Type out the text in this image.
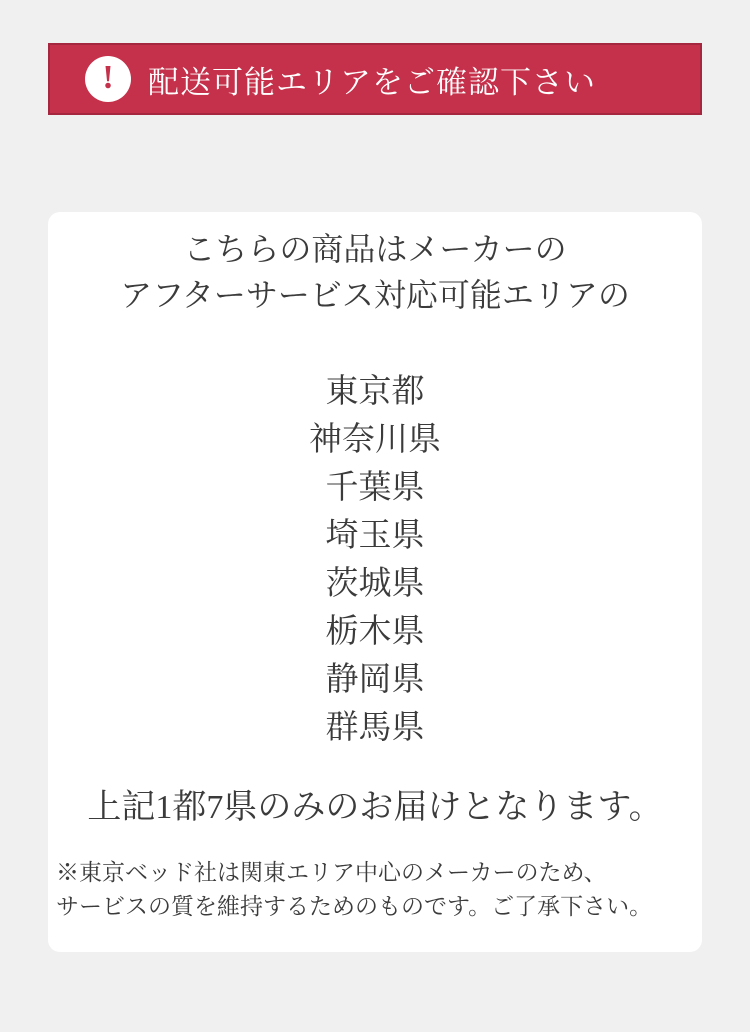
! 配送可能エリアをご確認下さい
こちらの商品はメーカーの
アフターサービス対応可能エリアの
東京都
神奈川県
千葉県
埼玉県
茨城県
栃木県
静岡県
群馬県
上記1都7県のみのお届けとなります。
※東京ベッド社は関東エリア中心のメーカーのため、
サービスの質を維持するためのものです。ご了承下さい。
